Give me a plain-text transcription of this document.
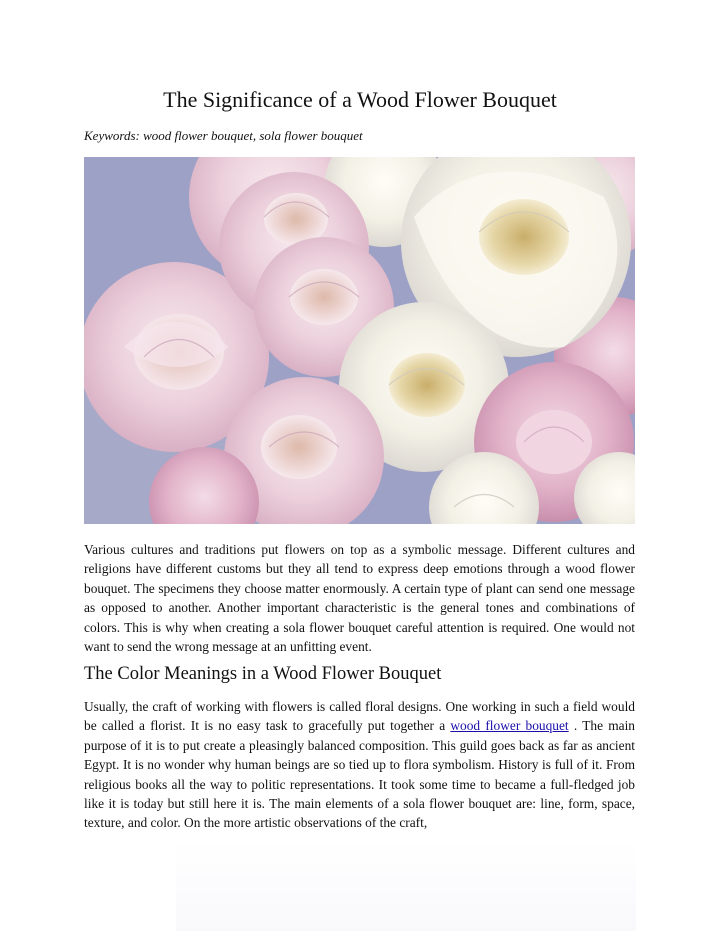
The Significance of a Wood Flower Bouquet

Keywords: wood flower bouquet, sola flower bouquet

Various cultures and traditions put flowers on top as a symbolic message. Different cultures and religions have different customs but they all tend to express deep emotions through a wood flower bouquet. The specimens they choose matter enormously. A certain type of plant can send one message as opposed to another. Another important characteristic is the general tones and combinations of colors. This is why when creating a sola flower bouquet careful attention is required. One would not want to send the wrong message at an unfitting event.

The Color Meanings in a Wood Flower Bouquet

Usually, the craft of working with flowers is called floral designs. One working in such a field would be called a florist. It is no easy task to gracefully put together a wood flower bouquet . The main purpose of it is to put create a pleasingly balanced composition. This guild goes back as far as ancient Egypt. It is no wonder why human beings are so tied up to flora symbolism. History is full of it. From religious books all the way to politic representations. It took some time to became a full-fledged job like it is today but still here it is. The main elements of a sola flower bouquet are: line, form, space, texture, and color. On the more artistic observations of the craft,
